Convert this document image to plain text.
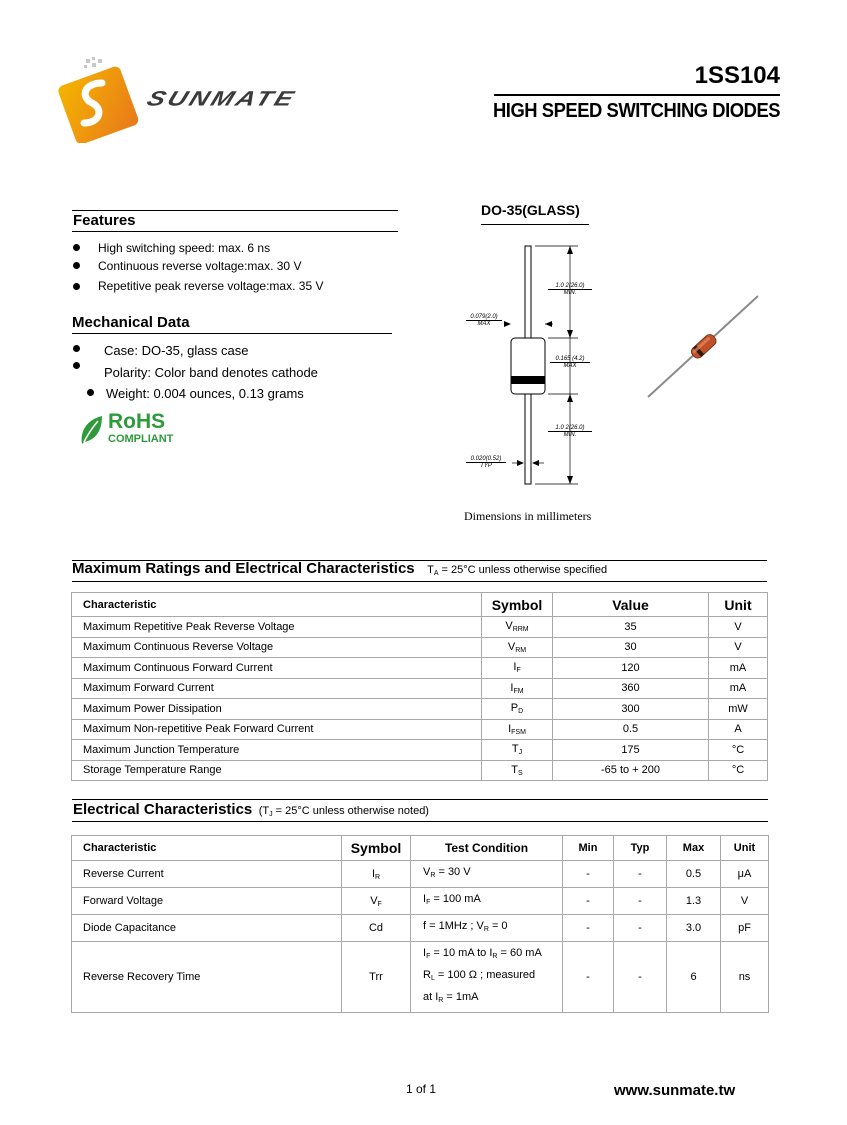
SUNMATE
1SS104
HIGH SPEED SWITCHING DIODES
Features
High switching speed: max. 6 ns
Continuous reverse voltage:max. 30 V
Repetitive peak reverse voltage:max. 35 V
Mechanical Data
Case: DO-35, glass case
Polarity: Color band denotes cathode
Weight: 0.004 ounces, 0.13 grams
RoHS
COMPLIANT
DO-35(GLASS)
1.0 2(26.0)
MIN.
0.079(2.0)
MAX
0.165 (4.2)
MAX
1.0 2(26.0)
MIN.
0.020(0.52)
TYP
Dimensions in millimeters
Maximum Ratings and Electrical Characteristics $T_A = 25^\circ C$ unless otherwise specified
Characteristic	Symbol	Value	Unit
Maximum Repetitive Peak Reverse Voltage	$V_{RRM}$	35	V
Maximum Continuous Reverse Voltage	$V_{RM}$	30	V
Maximum Continuous Forward Current	$I_F$	120	mA
Maximum Forward Current	$I_{FM}$	360	mA
Maximum Power Dissipation	$P_D$	300	mW
Maximum Non-repetitive Peak Forward Current	$I_{FSM}$	0.5	A
Maximum Junction Temperature	$T_J$	175	°C
Storage Temperature Range	$T_S$	-65 to + 200	°C
Electrical Characteristics ($T_J = 25^\circ C$ unless otherwise noted)
Characteristic	Symbol	Test Condition	Min	Typ	Max	Unit
Reverse Current	$I_R$	$V_R = 30$ V	-	-	0.5	μA
Forward Voltage	$V_F$	$I_F = 100$ mA	-	-	1.3	V
Diode Capacitance	Cd	f = 1MHz ; $V_R = 0$	-	-	3.0	pF
Reverse Recovery Time	Trr	$I_F = 10$ mA to $I_R = 60$ mA
$R_L = 100$ Ω ; measured
at $I_R = 1mA$	-	-	6	ns
1 of 1	www.sunmate.tw
